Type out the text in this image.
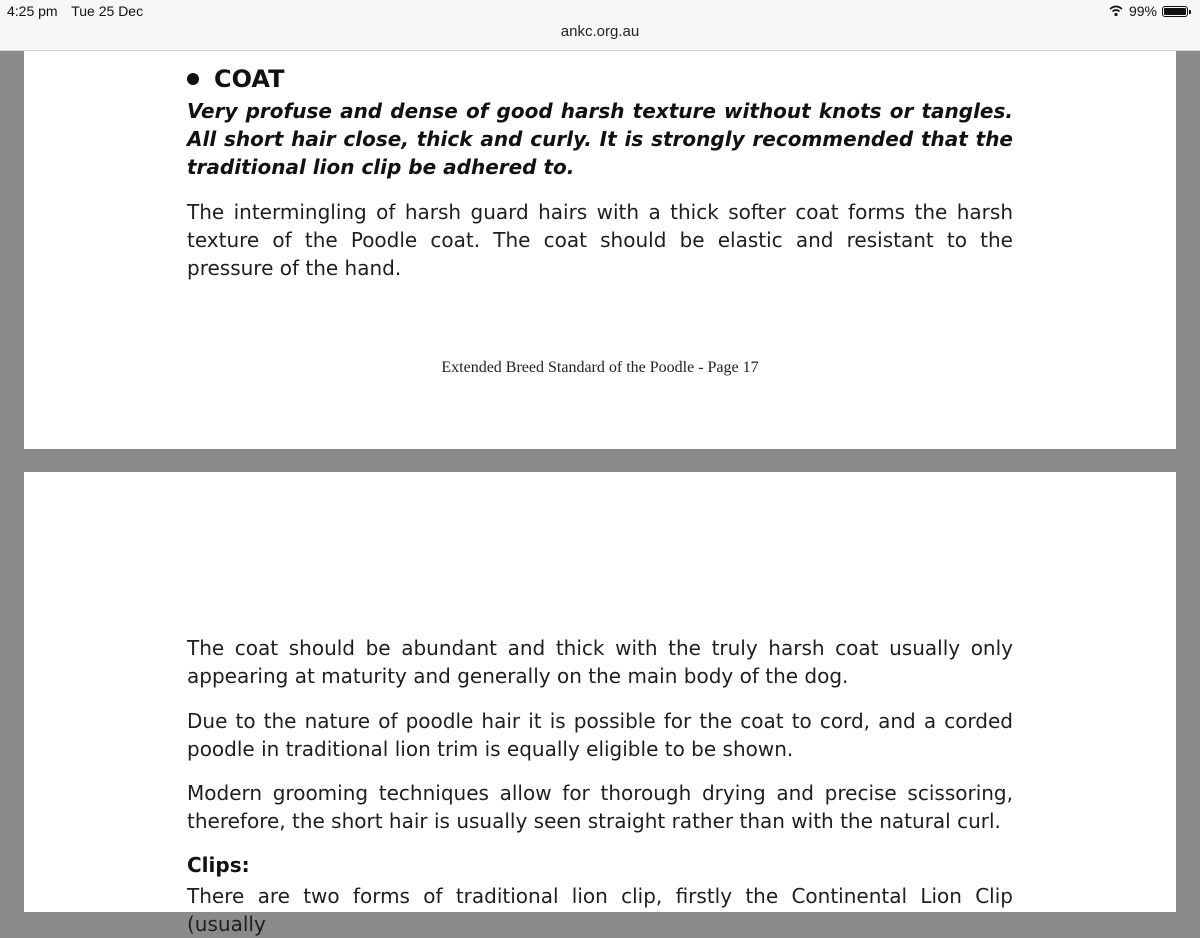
4:25 pm Tue 25 Dec	99%
ankc.org.au
COAT
Very profuse and dense of good harsh texture without knots or tangles. All short hair close, thick and curly. It is strongly recommended that the traditional lion clip be adhered to.
The intermingling of harsh guard hairs with a thick softer coat forms the harsh texture of the Poodle coat. The coat should be elastic and resistant to the pressure of the hand.
Extended Breed Standard of the Poodle - Page 17
The coat should be abundant and thick with the truly harsh coat usually only appearing at maturity and generally on the main body of the dog.
Due to the nature of poodle hair it is possible for the coat to cord, and a corded poodle in traditional lion trim is equally eligible to be shown.
Modern grooming techniques allow for thorough drying and precise scissoring, therefore, the short hair is usually seen straight rather than with the natural curl.
Clips:
There are two forms of traditional lion clip, firstly the Continental Lion Clip (usually
